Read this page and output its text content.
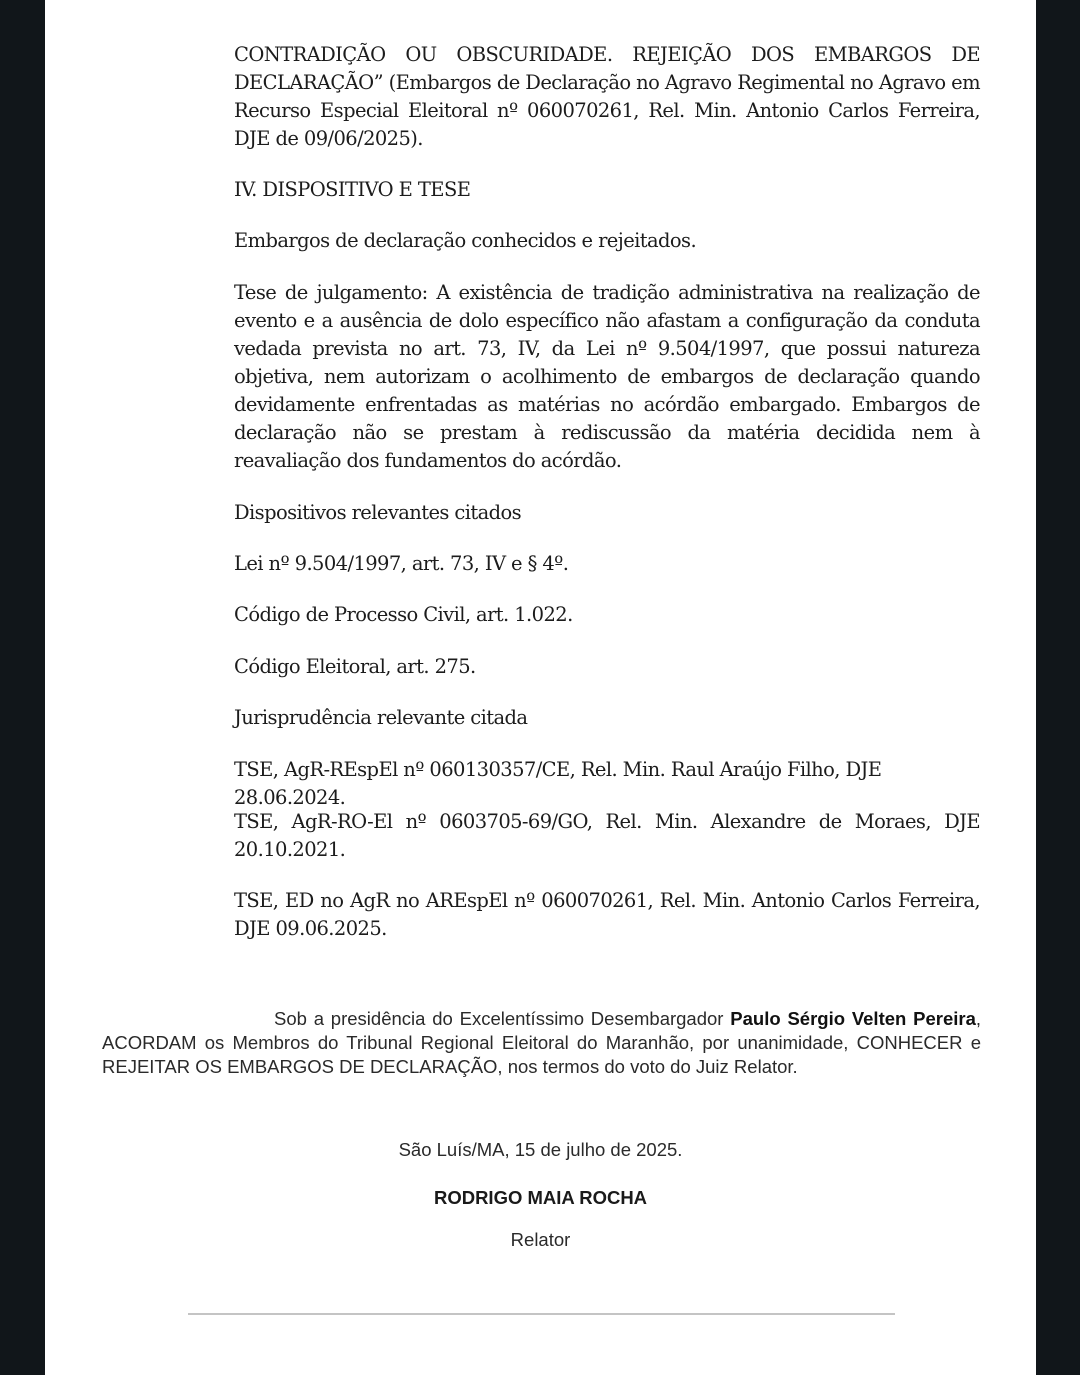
CONTRADIÇÃO OU OBSCURIDADE. REJEIÇÃO DOS EMBARGOS DE

DECLARAÇÃO” (Embargos de Declaração no Agravo Regimental no Agravo em Recurso Especial Eleitoral nº 060070261, Rel. Min. Antonio Carlos Ferreira, DJE de 09/06/2025).

IV. DISPOSITIVO E TESE

Embargos de declaração conhecidos e rejeitados.

Tese de julgamento: A existência de tradição administrativa na realização de evento e a ausência de dolo específico não afastam a configuração da conduta vedada prevista no art. 73, IV, da Lei nº 9.504/1997, que possui natureza objetiva, nem autorizam o acolhimento de embargos de declaração quando devidamente enfrentadas as matérias no acórdão embargado. Embargos de declaração não se prestam à rediscussão da matéria decidida nem à reavaliação dos fundamentos do acórdão.

Dispositivos relevantes citados

Lei nº 9.504/1997, art. 73, IV e § 4º.

Código de Processo Civil, art. 1.022.

Código Eleitoral, art. 275.

Jurisprudência relevante citada

TSE, AgR-REspEl nº 060130357/CE, Rel. Min. Raul Araújo Filho, DJE 28.06.2024.

TSE, AgR-RO-El nº 0603705-69/GO, Rel. Min. Alexandre de Moraes, DJE 20.10.2021.

TSE, ED no AgR no AREspEl nº 060070261, Rel. Min. Antonio Carlos Ferreira, DJE 09.06.2025.

Sob a presidência do Excelentíssimo Desembargador Paulo Sérgio Velten Pereira, ACORDAM os Membros do Tribunal Regional Eleitoral do Maranhão, por unanimidade, CONHECER e REJEITAR OS EMBARGOS DE DECLARAÇÃO, nos termos do voto do Juiz Relator.

São Luís/MA, 15 de julho de 2025.

RODRIGO MAIA ROCHA

Relator
